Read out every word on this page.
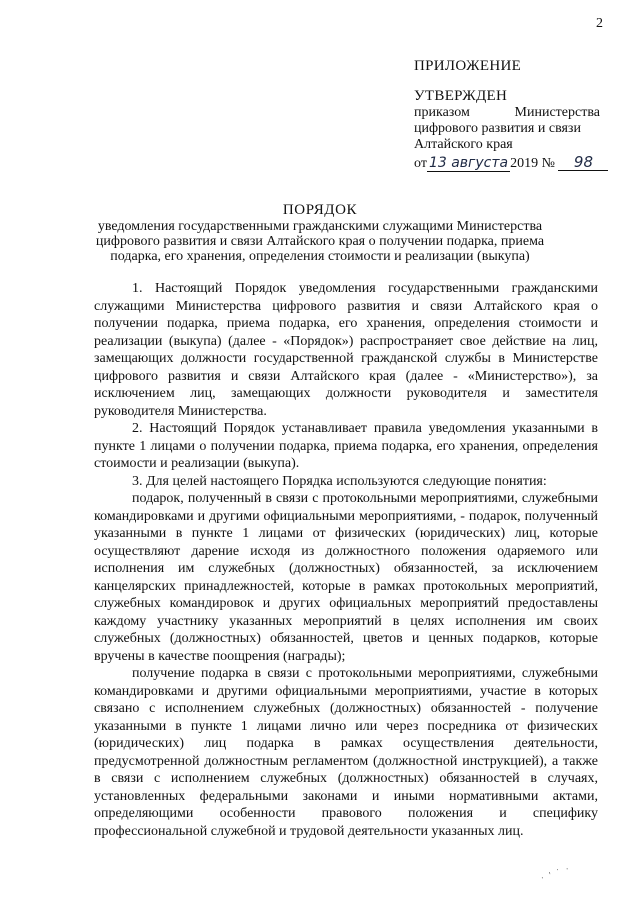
2
ПРИЛОЖЕНИЕ
УТВЕРЖДЕН
приказом	Министерства
цифрового развития и связи
Алтайского края
от 13 августа 2019 № 98
ПОРЯДОК
уведомления государственными гражданскими служащими Министерства цифрового развития и связи Алтайского края о получении подарка, приема подарка, его хранения, определения стоимости и реализации (выкупа)

1. Настоящий Порядок уведомления государственными гражданскими служащими Министерства цифрового развития и связи Алтайского края о получении подарка, приема подарка, его хранения, определения стоимости и реализации (выкупа) (далее - «Порядок») распространяет свое действие на лиц, замещающих должности государственной гражданской службы в Министерстве цифрового развития и связи Алтайского края (далее - «Министерство»), за исключением лиц, замещающих должности руководителя и заместителя руководителя Министерства.

2. Настоящий Порядок устанавливает правила уведомления указанными в пункте 1 лицами о получении подарка, приема подарка, его хранения, определения стоимости и реализации (выкупа).

3. Для целей настоящего Порядка используются следующие понятия:

подарок, полученный в связи с протокольными мероприятиями, служебными командировками и другими официальными мероприятиями, - подарок, полученный указанными в пункте 1 лицами от физических (юридических) лиц, которые осуществляют дарение исходя из должностного положения одаряемого или исполнения им служебных (должностных) обязанностей, за исключением канцелярских принадлежностей, которые в рамках протокольных мероприятий, служебных командировок и других официальных мероприятий предоставлены каждому участнику указанных мероприятий в целях исполнения им своих служебных (должностных) обязанностей, цветов и ценных подарков, которые вручены в качестве поощрения (награды);

получение подарка в связи с протокольными мероприятиями, служебными командировками и другими официальными мероприятиями, участие в которых связано с исполнением служебных (должностных) обязанностей - получение указанными в пункте 1 лицами лично или через посредника от физических (юридических) лиц подарка в рамках осуществления деятельности, предусмотренной должностным регламентом (должностной инструкцией), а также в связи с исполнением служебных (должностных) обязанностей в случаях, установленных федеральными законами и иными нормативными актами, определяющими особенности правового положения и специфику профессиональной служебной и трудовой деятельности указанных лиц.

· ' ˙ ·
